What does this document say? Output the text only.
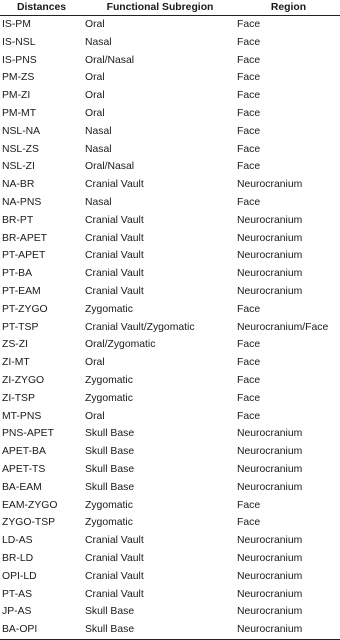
Distances	Functional Subregion	Region
IS-PM	Oral	Face
IS-NSL	Nasal	Face
IS-PNS	Oral/Nasal	Face
PM-ZS	Oral	Face
PM-ZI	Oral	Face
PM-MT	Oral	Face
NSL-NA	Nasal	Face
NSL-ZS	Nasal	Face
NSL-ZI	Oral/Nasal	Face
NA-BR	Cranial Vault	Neurocranium
NA-PNS	Nasal	Face
BR-PT	Cranial Vault	Neurocranium
BR-APET	Cranial Vault	Neurocranium
PT-APET	Cranial Vault	Neurocranium
PT-BA	Cranial Vault	Neurocranium
PT-EAM	Cranial Vault	Neurocranium
PT-ZYGO	Zygomatic	Face
PT-TSP	Cranial Vault/Zygomatic	Neurocranium/Face
ZS-ZI	Oral/Zygomatic	Face
ZI-MT	Oral	Face
ZI-ZYGO	Zygomatic	Face
ZI-TSP	Zygomatic	Face
MT-PNS	Oral	Face
PNS-APET	Skull Base	Neurocranium
APET-BA	Skull Base	Neurocranium
APET-TS	Skull Base	Neurocranium
BA-EAM	Skull Base	Neurocranium
EAM-ZYGO	Zygomatic	Face
ZYGO-TSP	Zygomatic	Face
LD-AS	Cranial Vault	Neurocranium
BR-LD	Cranial Vault	Neurocranium
OPI-LD	Cranial Vault	Neurocranium
PT-AS	Cranial Vault	Neurocranium
JP-AS	Skull Base	Neurocranium
BA-OPI	Skull Base	Neurocranium
